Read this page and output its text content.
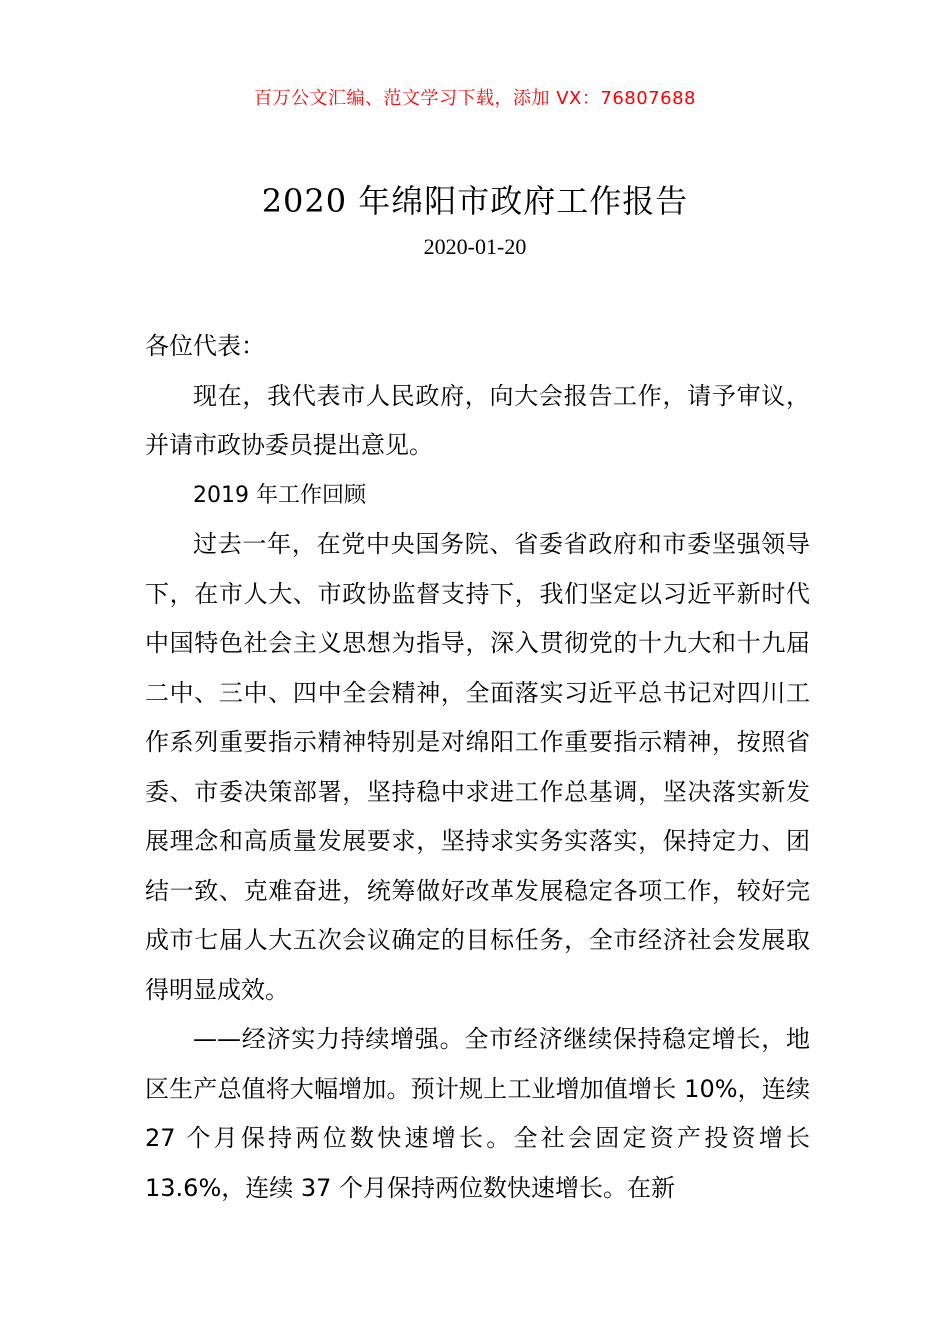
百万公文汇编、范文学习下载，添加 VX：76807688
2020 年绵阳市政府工作报告
2020-01-20

各位代表：

现在，我代表市人民政府，向大会报告工作，请予审议，并请市政协委员提出意见。

2019 年工作回顾

过去一年，在党中央国务院、省委省政府和市委坚强领导下，在市人大、市政协监督支持下，我们坚定以习近平新时代中国特色社会主义思想为指导，深入贯彻党的十九大和十九届二中、三中、四中全会精神，全面落实习近平总书记对四川工作系列重要指示精神特别是对绵阳工作重要指示精神，按照省委、市委决策部署，坚持稳中求进工作总基调，坚决落实新发展理念和高质量发展要求，坚持求实务实落实，保持定力、团结一致、克难奋进，统筹做好改革发展稳定各项工作，较好完成市七届人大五次会议确定的目标任务，全市经济社会发展取得明显成效。

——经济实力持续增强。全市经济继续保持稳定增长，地区生产总值将大幅增加。预计规上工业增加值增长 10%，连续 27 个月保持两位数快速增长。全社会固定资产投资增长 13.6%，连续 37 个月保持两位数快速增长。在新
